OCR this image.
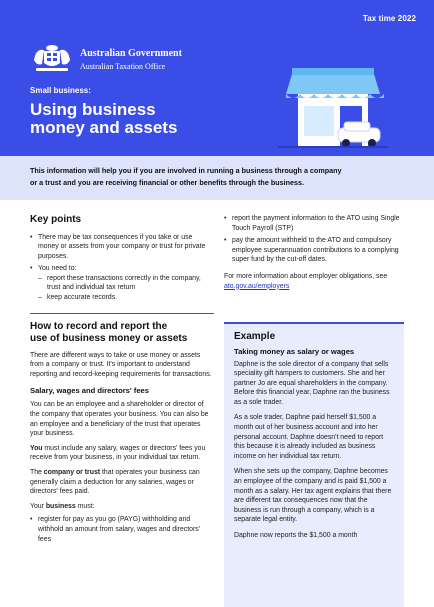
Tax time 2022
Australian Government
Australian Taxation Office
Small business:
Using business
money and assets

This information will help you if you are involved in running a business through a company
or a trust and you are receiving financial or other benefits through the business.

Key points
• There may be tax consequences if you take or use money or assets from your company or trust for private purposes.
• You need to:
– report these transactions correctly in the company, trust and individual tax return
– keep accurate records.
How to record and report the
use of business money or assets

There are different ways to take or use money or assets from a company or trust. It's important to understand reporting and record-keeping requirements for transactions.

Salary, wages and directors' fees

You can be an employee and a shareholder or director of the company that operates your business. You can also be an employee and a beneficiary of the trust that operates your business.

You must include any salary, wages or directors' fees you receive from your business, in your individual tax return.

The company or trust that operates your business can generally claim a deduction for any salaries, wages or directors' fees paid.

Your business must:

• register for pay as you go (PAYG) withholding and withhold an amount from salary, wages and directors' fees
• report the payment information to the ATO using Single Touch Payroll (STP)
• pay the amount withheld to the ATO and compulsory employee superannuation contributions to a complying super fund by the cut-off dates.

For more information about employer obligations, see ato.gov.au/employers

Example
Taking money as salary or wages

Daphne is the sole director of a company that sells speciality gift hampers to customers. She and her partner Jo are equal shareholders in the company. Before this financial year, Daphne ran the business as a sole trader.

As a sole trader, Daphne paid herself $1,500 a month out of her business account and into her personal account. Daphne doesn't need to report this because it is already included as business income on her individual tax return.

When she sets up the company, Daphne becomes an employee of the company and is paid $1,500 a month as a salary. Her tax agent explains that there are different tax consequences now that the business is run through a company, which is a separate legal entity.

Daphne now reports the $1,500 a month
